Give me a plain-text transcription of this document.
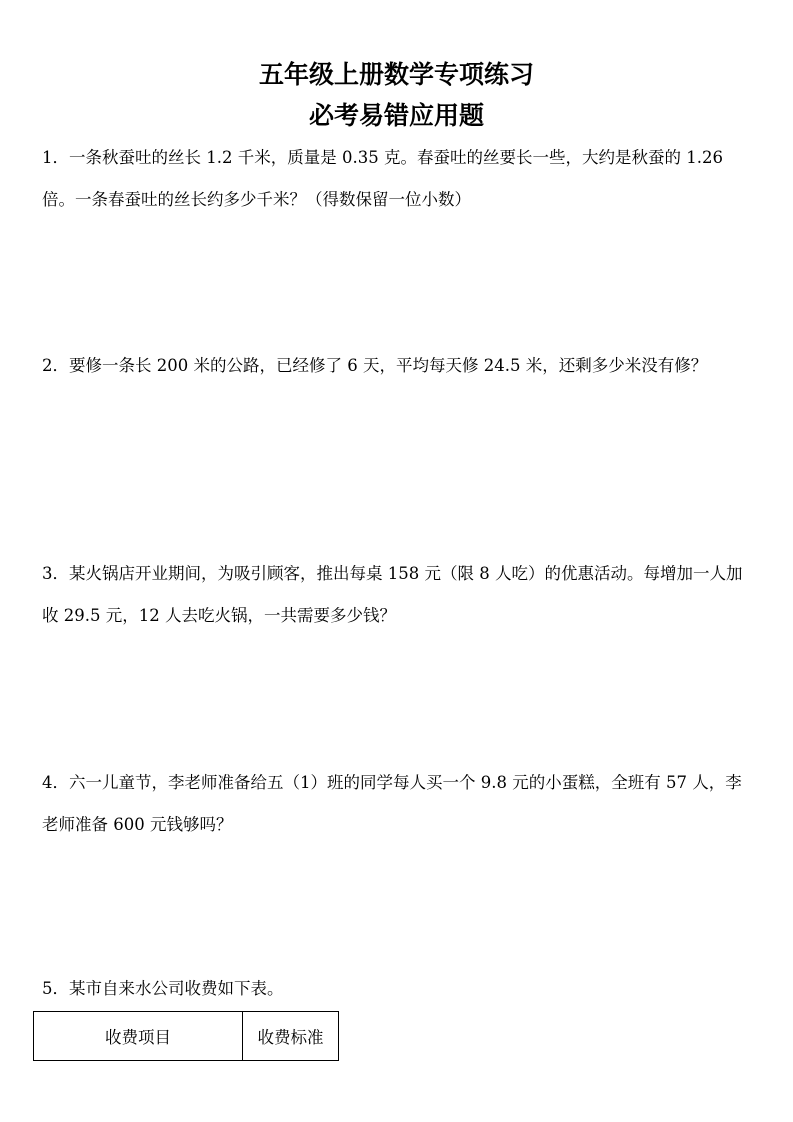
五年级上册数学专项练习
必考易错应用题

1．一条秋蚕吐的丝长 1.2 千米，质量是 0.35 克。春蚕吐的丝要长一些，大约是秋蚕的 1.26 倍。一条春蚕吐的丝长约多少千米？（得数保留一位小数）

2．要修一条长 200 米的公路，已经修了 6 天，平均每天修 24.5 米，还剩多少米没有修？

3．某火锅店开业期间，为吸引顾客，推出每桌 158 元（限 8 人吃）的优惠活动。每增加一人加收 29.5 元，12 人去吃火锅，一共需要多少钱？

4．六一儿童节，李老师准备给五（1）班的同学每人买一个 9.8 元的小蛋糕，全班有 57 人，李老师准备 600 元钱够吗？

5．某市自来水公司收费如下表。

收费项目	收费标准
